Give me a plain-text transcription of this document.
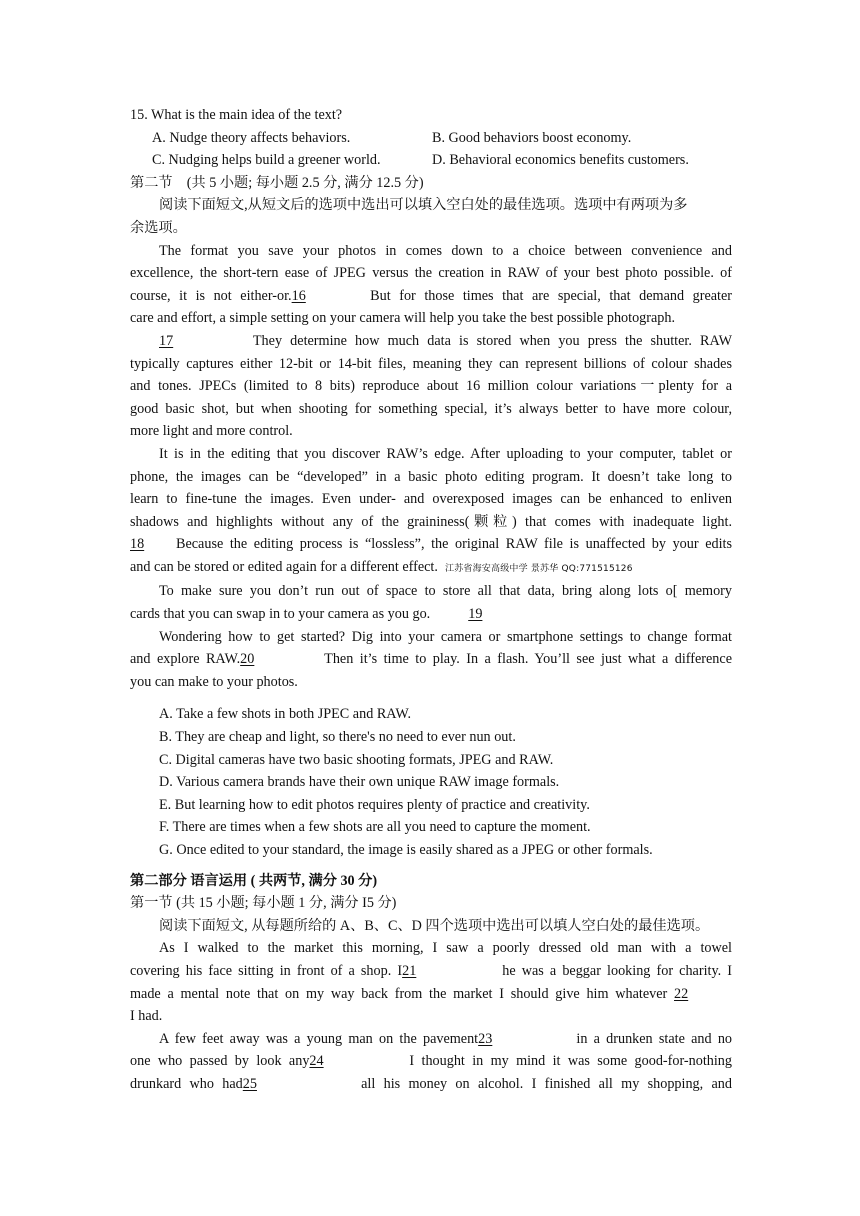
15. What is the main idea of the text?
A. Nudge theory affects behaviors.	B. Good behaviors boost economy.
C. Nudging helps build a greener world.	D. Behavioral economics benefits customers.
第二节　(共 5 小题; 每小题 2.5 分, 满分 12.5 分)
阅读下面短文,从短文后的选项中选出可以填入空白处的最佳选项。选项中有两项为多
余选项。
The format you save your photos in comes down to a choice between convenience and
excellence, the short-tern ease of JPEG versus the creation in RAW of your best photo possible. of
course, it is not either-or.16	But for those times that are special, that demand greater
care and effort, a simple setting on your camera will help you take the best possible photograph.
17	They determine how much data is stored when you press the shutter. RAW
typically captures either 12-bit or 14-bit files, meaning they can represent billions of colour shades
and tones. JPECs (limited to 8 bits) reproduce about 16 million colour variations一plenty for a
good basic shot, but when shooting for something special, it’s always better to have more colour,
more light and more control.
It is in the editing that you discover RAW’s edge. After uploading to your computer, tablet or
phone, the images can be “developed” in a basic photo editing program. It doesn’t take long to
learn to fine-tune the images. Even under- and overexposed images can be enhanced to enliven
shadows and highlights without any of the graininess(颗粒) that comes with inadequate light.
18 Because the editing process is “lossless”, the original RAW file is unaffected by your edits
and can be stored or edited again for a different effect. 江苏省海安高级中学 景苏华 QQ:771515126
To make sure you don’t run out of space to store all that data, bring along lots o[ memory
cards that you can swap in to your camera as you go.	19
Wondering how to get started? Dig into your camera or smartphone settings to change format
and explore RAW.20	Then it’s time to play. In a flash. You’ll see just what a difference
you can make to your photos.
A. Take a few shots in both JPEC and RAW.
B. They are cheap and light, so there's no need to ever nun out.
C. Digital cameras have two basic shooting formats, JPEG and RAW.
D. Various camera brands have their own unique RAW image formals.
E. But learning how to edit photos requires plenty of practice and creativity.
F. There are times when a few shots are all you need to capture the moment.
G. Once edited to your standard, the image is easily shared as a JPEG or other formals.
第二部分 语言运用 ( 共两节, 满分 30 分)
第一节 (共 15 小题; 每小题 1 分, 满分 I5 分)
阅读下面短文, 从每题所给的 A、B、C、D 四个选项中选出可以填人空白处的最佳选项。
As I walked to the market this morning, I saw a poorly dressed old man with a towel
covering his face sitting in front of a shop. I21	he was a beggar looking for charity. I
made a mental note that on my way back from the market I should give him whatever 22
I had.
A few feet away was a young man on the pavement23	in a drunken state and no
one who passed by look any24	I thought in my mind it was some good-for-nothing
drunkard who had25	all his money on alcohol. I finished all my shopping, and
